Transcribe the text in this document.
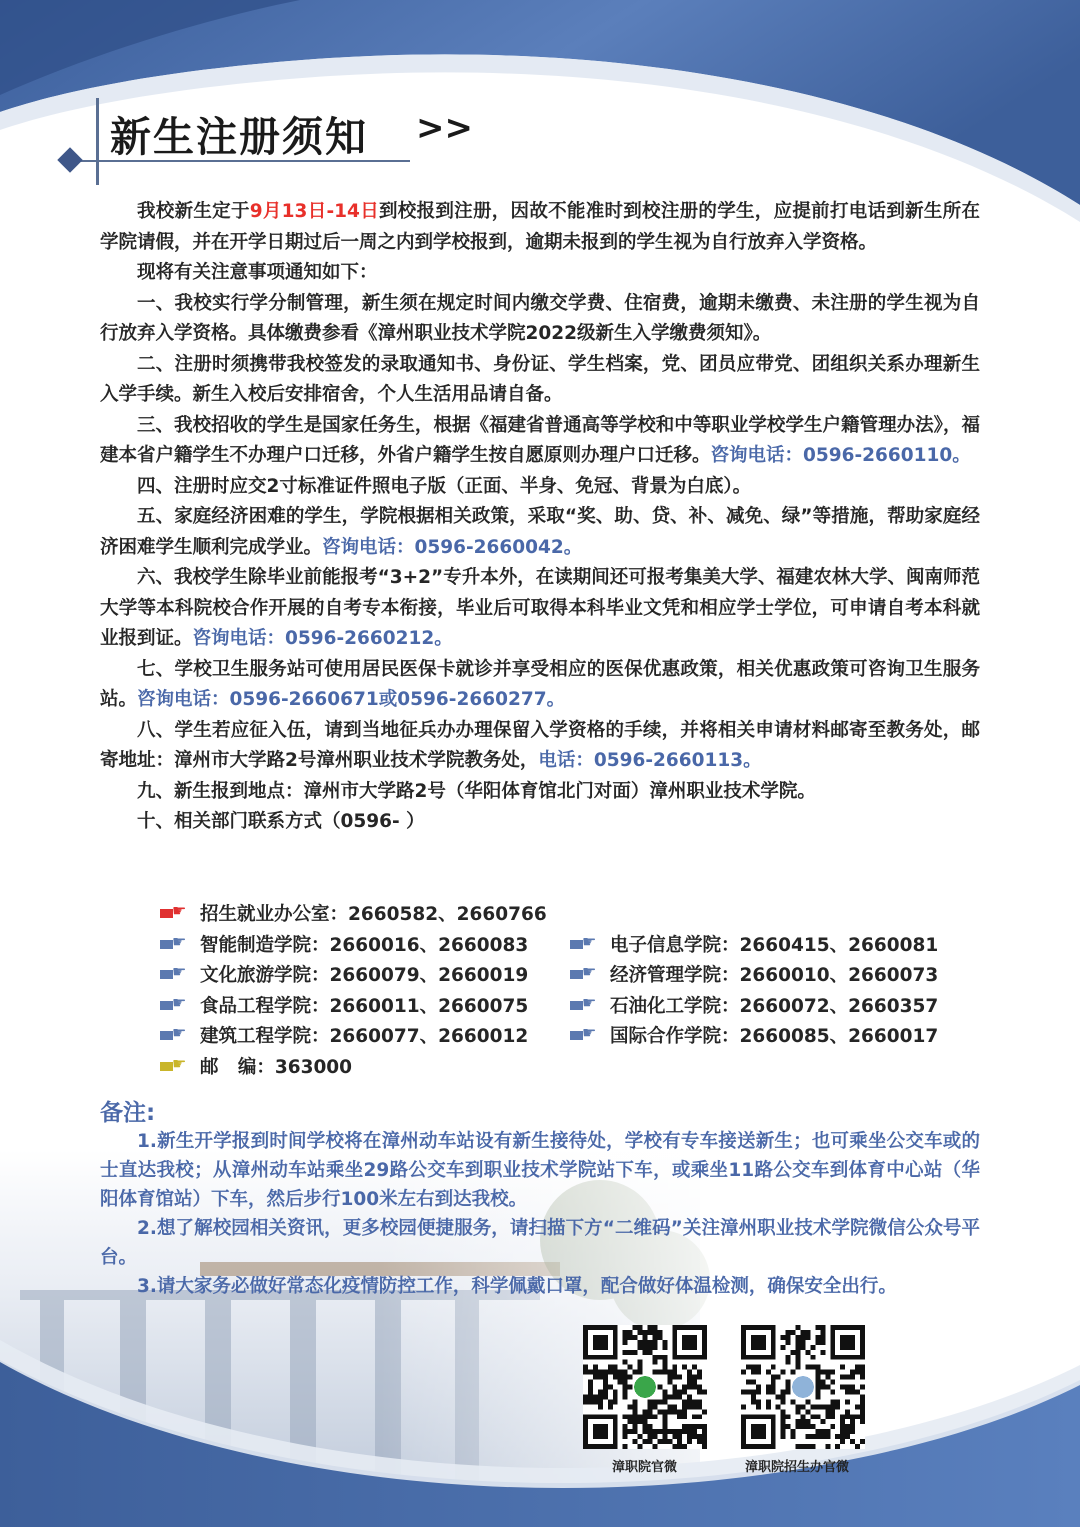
新生注册须知 >>

我校新生定于9月13日-14日到校报到注册，因故不能准时到校注册的学生，应提前打电话到新生所在学院请假，并在开学日期过后一周之内到学校报到，逾期未报到的学生视为自行放弃入学资格。

现将有关注意事项通知如下：

一、我校实行学分制管理，新生须在规定时间内缴交学费、住宿费，逾期未缴费、未注册的学生视为自行放弃入学资格。具体缴费参看《漳州职业技术学院2022级新生入学缴费须知》。

二、注册时须携带我校签发的录取通知书、身份证、学生档案，党、团员应带党、团组织关系办理新生入学手续。新生入校后安排宿舍，个人生活用品请自备。

三、我校招收的学生是国家任务生，根据《福建省普通高等学校和中等职业学校学生户籍管理办法》，福建本省户籍学生不办理户口迁移，外省户籍学生按自愿原则办理户口迁移。咨询电话：0596-2660110。

四、注册时应交2寸标准证件照电子版（正面、半身、免冠、背景为白底）。

五、家庭经济困难的学生，学院根据相关政策，采取“奖、助、贷、补、减免、绿”等措施，帮助家庭经济困难学生顺利完成学业。咨询电话：0596-2660042。

六、我校学生除毕业前能报考“3+2”专升本外，在读期间还可报考集美大学、福建农林大学、闽南师范大学等本科院校合作开展的自考专本衔接，毕业后可取得本科毕业文凭和相应学士学位，可申请自考本科就业报到证。咨询电话：0596-2660212。

七、学校卫生服务站可使用居民医保卡就诊并享受相应的医保优惠政策，相关优惠政策可咨询卫生服务站。咨询电话：0596-2660671或0596-2660277。

八、学生若应征入伍，请到当地征兵办办理保留入学资格的手续，并将相关申请材料邮寄至教务处，邮寄地址：漳州市大学路2号漳州职业技术学院教务处，电话：0596-2660113。

九、新生报到地点：漳州市大学路2号（华阳体育馆北门对面）漳州职业技术学院。

十、相关部门联系方式（0596- ）

☛ 招生就业办公室：2660582、2660766
☛ 智能制造学院：2660016、2660083	☛ 电子信息学院：2660415、2660081
☛ 文化旅游学院：2660079、2660019	☛ 经济管理学院：2660010、2660073
☛ 食品工程学院：2660011、2660075	☛ 石油化工学院：2660072、2660357
☛ 建筑工程学院：2660077、2660012	☛ 国际合作学院：2660085、2660017
☛ 邮   编：363000
备注:

1.新生开学报到时间学校将在漳州动车站设有新生接待处，学校有专车接送新生；也可乘坐公交车或的士直达我校；从漳州动车站乘坐29路公交车到职业技术学院站下车，或乘坐11路公交车到体育中心站（华阳体育馆站）下车，然后步行100米左右到达我校。

2.想了解校园相关资讯，更多校园便捷服务，请扫描下方“二维码”关注漳州职业技术学院微信公众号平台。

3.请大家务必做好常态化疫情防控工作，科学佩戴口罩，配合做好体温检测，确保安全出行。

漳职院官微	漳职院招生办官微
